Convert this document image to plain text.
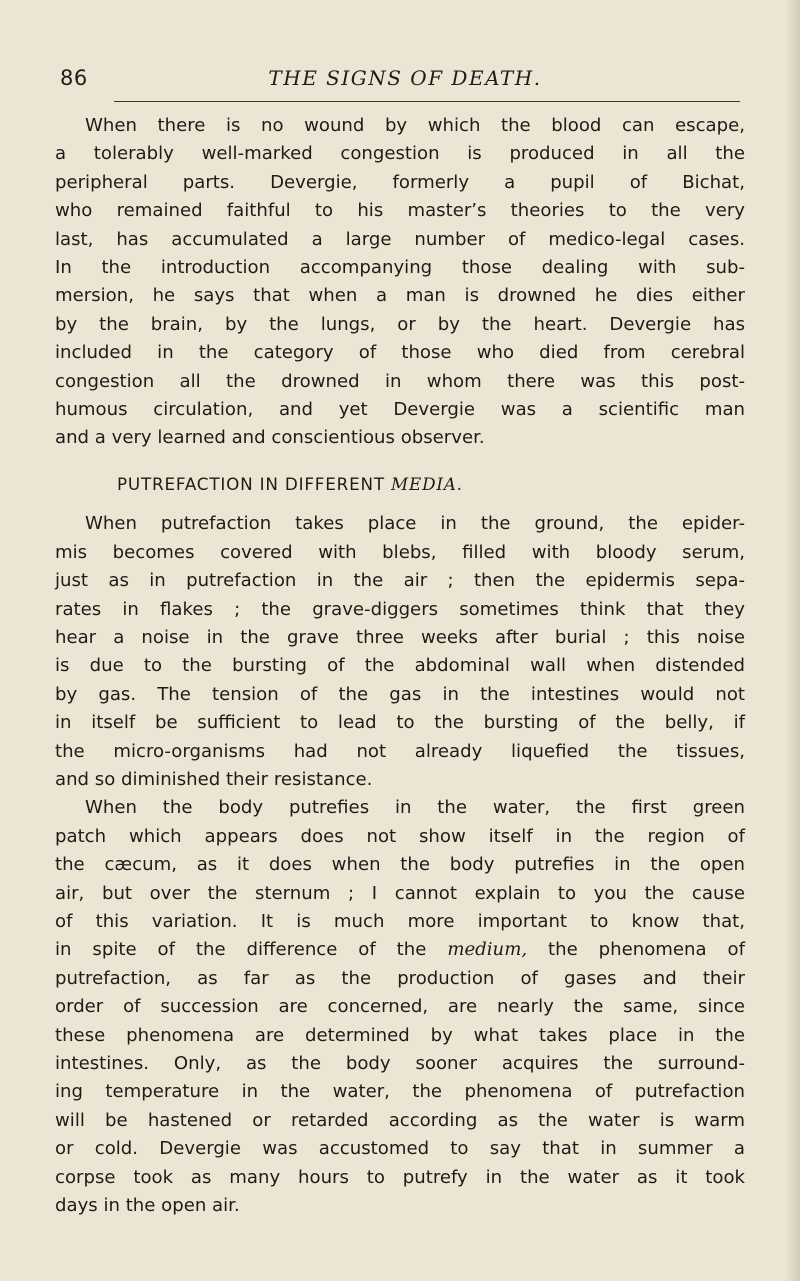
86	THE SIGNS OF DEATH.
When there is no wound by which the blood can escape,
a tolerably well-marked congestion is produced in all the
peripheral parts. Devergie, formerly a pupil of Bichat,
who remained faithful to his master’s theories to the very
last, has accumulated a large number of medico-legal cases.
In the introduction accompanying those dealing with sub-
mersion, he says that when a man is drowned he dies either
by the brain, by the lungs, or by the heart. Devergie has
included in the category of those who died from cerebral
congestion all the drowned in whom there was this post-
humous circulation, and yet Devergie was a scientific man
and a very learned and conscientious observer.
PUTREFACTION IN DIFFERENT MEDIA.
When putrefaction takes place in the ground, the epider-
mis becomes covered with blebs, filled with bloody serum,
just as in putrefaction in the air ; then the epidermis sepa-
rates in flakes ; the grave-diggers sometimes think that they
hear a noise in the grave three weeks after burial ; this noise
is due to the bursting of the abdominal wall when distended
by gas. The tension of the gas in the intestines would not
in itself be sufficient to lead to the bursting of the belly, if
the micro-organisms had not already liquefied the tissues,
and so diminished their resistance.
When the body putrefies in the water, the first green
patch which appears does not show itself in the region of
the cæcum, as it does when the body putrefies in the open
air, but over the sternum ; I cannot explain to you the cause
of this variation. It is much more important to know that,
in spite of the difference of the medium, the phenomena of
putrefaction, as far as the production of gases and their
order of succession are concerned, are nearly the same, since
these phenomena are determined by what takes place in the
intestines. Only, as the body sooner acquires the surround-
ing temperature in the water, the phenomena of putrefaction
will be hastened or retarded according as the water is warm
or cold. Devergie was accustomed to say that in summer a
corpse took as many hours to putrefy in the water as it took
days in the open air.
